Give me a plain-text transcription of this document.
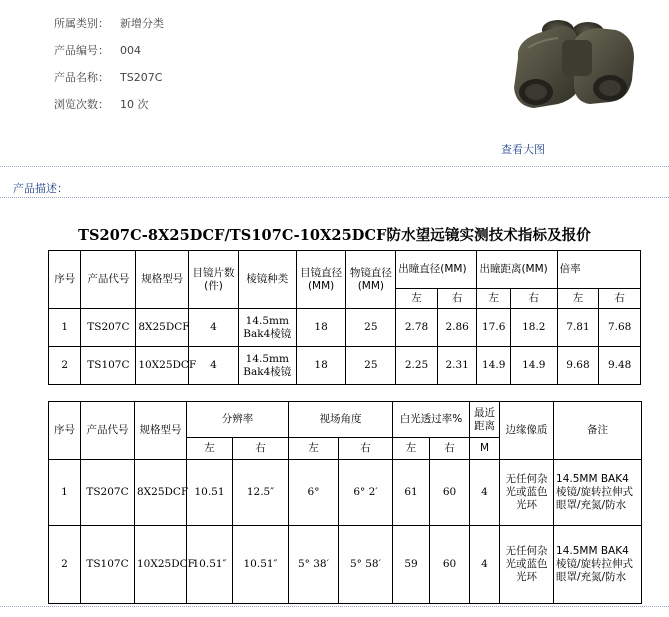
所属类别：	新增分类
产品编号：	004
产品名称：	TS207C
浏览次数：	10 次
查看大图
产品描述：
TS207C-8X25DCF/TS107C-10X25DCF防水望远镜实测技术指标及报价
序号	产品代号	规格型号	目镜片数(件)	棱镜种类	目镜直径(MM)	物镜直径(MM)	出瞳直径(MM)		出瞳距离(MM)		倍率	
							左	右	左	右	左	右
1	TS207C	8X25DCF	4	14.5mm Bak4棱镜	18	25	2.78	2.86	17.6	18.2	7.81	7.68
2	TS107C	10X25DCF	4	14.5mm Bak4棱镜	18	25	2.25	2.31	14.9	14.9	9.68	9.48
序号	产品代号	规格型号	分辨率		视场角度		白光透过率%		最近距离	边缘像质	备注
			左	右	左	右	左	右	M		
1	TS207C	8X25DCF	10.51	12.5″	6°	6° 2′	61	60	4	无任何杂光或蓝色光环	14.5MM BAK4棱镜/旋转拉伸式眼罩/充氮/防水
2	TS107C	10X25DCF	10.51″	10.51″	5° 38′	5° 58′	59	60	4	无任何杂光或蓝色光环	14.5MM BAK4棱镜/旋转拉伸式眼罩/充氮/防水
